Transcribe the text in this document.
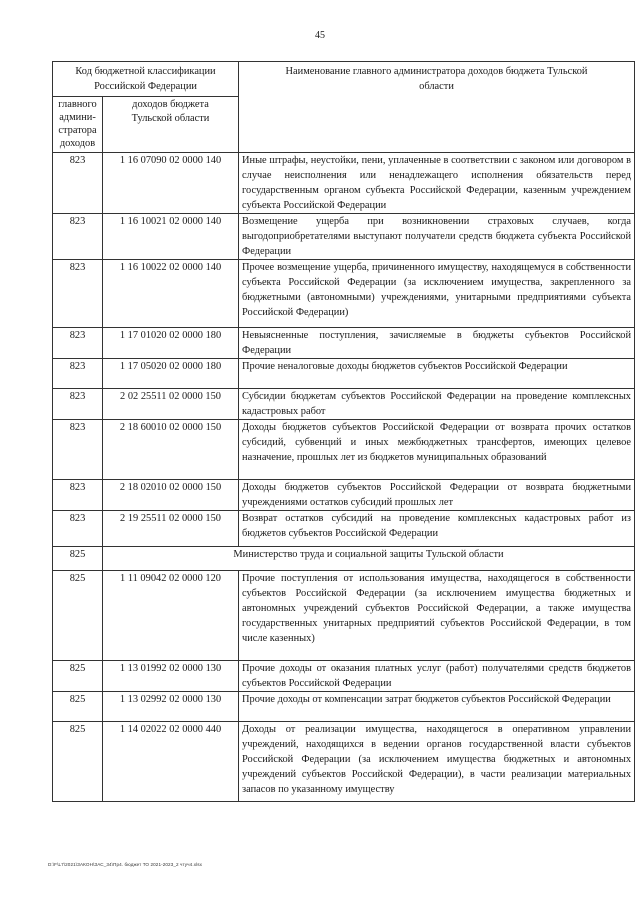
45
Код бюджетной классификации Российской Федерации		Наименование главного администратора доходов бюджета Тульской области
главного админи-стратора доходов	доходов бюджета Тульской области	
823	1 16 07090 02 0000 140	Иные штрафы, неустойки, пени, уплаченные в соответствии с законом или договором в случае неисполнения или ненадлежащего исполнения обязательств перед государственным органом субъекта Российской Федерации, казенным учреждением субъекта Российской Федерации
823	1 16 10021 02 0000 140	Возмещение ущерба при возникновении страховых случаев, когда выгодоприобретателями выступают получатели средств бюджета субъекта Российской Федерации
823	1 16 10022 02 0000 140	Прочее возмещение ущерба, причиненного имуществу, находящемуся в собственности субъекта Российской Федерации (за исключением имущества, закрепленного за бюджетными (автономными) учреждениями, унитарными предприятиями субъекта Российской Федерации)
823	1 17 01020 02 0000 180	Невыясненные поступления, зачисляемые в бюджеты субъектов Российской Федерации
823	1 17 05020 02 0000 180	Прочие неналоговые доходы бюджетов субъектов Российской Федерации
823	2 02 25511 02 0000 150	Субсидии бюджетам субъектов Российской Федерации на проведение комплексных кадастровых работ
823	2 18 60010 02 0000 150	Доходы бюджетов субъектов Российской Федерации от возврата прочих остатков субсидий, субвенций и иных межбюджетных трансфертов, имеющих целевое назначение, прошлых лет из бюджетов муниципальных образований
823	2 18 02010 02 0000 150	Доходы бюджетов субъектов Российской Федерации от возврата бюджетными учреждениями остатков субсидий прошлых лет
823	2 19 25511 02 0000 150	Возврат остатков субсидий на проведение комплексных кадастровых работ из бюджетов субъектов Российской Федерации
825	Министерство труда и социальной защиты Тульской области	
825	1 11 09042 02 0000 120	Прочие поступления от использования имущества, находящегося в собственности субъектов Российской Федерации (за исключением имущества бюджетных и автономных учреждений субъектов Российской Федерации, а также имущества государственных унитарных предприятий субъектов Российской Федерации, в том числе казенных)
825	1 13 01992 02 0000 130	Прочие доходы от оказания платных услуг (работ) получателями средств бюджетов субъектов Российской Федерации
825	1 13 02992 02 0000 130	Прочие доходы от компенсации затрат бюджетов субъектов Российской Федерации
825	1 14 02022 02 0000 440	Доходы от реализации имущества, находящегося в оперативном управлении учреждений, находящихся в ведении органов государственной власти субъектов Российской Федерации (за исключением имущества бюджетных и автономных учреждений субъектов Российской Федерации), в части реализации материальных запасов по указанному имуществу
D:\F\L7\2021\ЗАКОН\ЗАС_34\Пр4. бюджет ТО 2021-2023_2 чтуч4.xlsx
